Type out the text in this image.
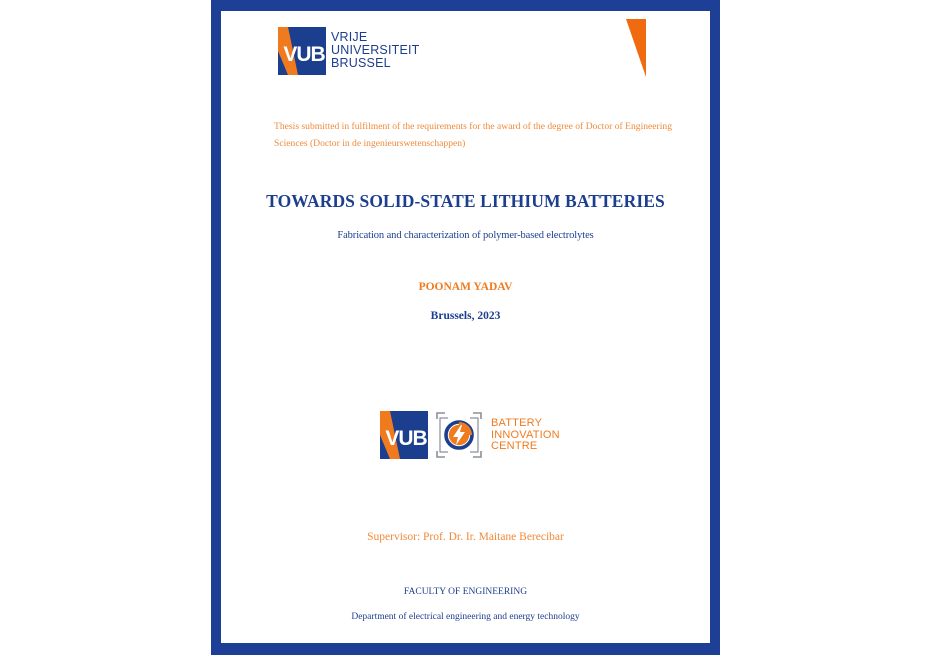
VUB
VRIJE
UNIVERSITEIT
BRUSSEL
Thesis submitted in fulfilment of the requirements for the award of the degree of Doctor of Engineering Sciences (Doctor in de ingenieurswetenschappen)
TOWARDS SOLID-STATE LITHIUM BATTERIES
Fabrication and characterization of polymer-based electrolytes
POONAM YADAV
Brussels, 2023
VUB
BATTERY
INNOVATION
CENTRE
Supervisor: Prof. Dr. Ir. Maitane Berecibar
FACULTY OF ENGINEERING
Department of electrical engineering and energy technology
